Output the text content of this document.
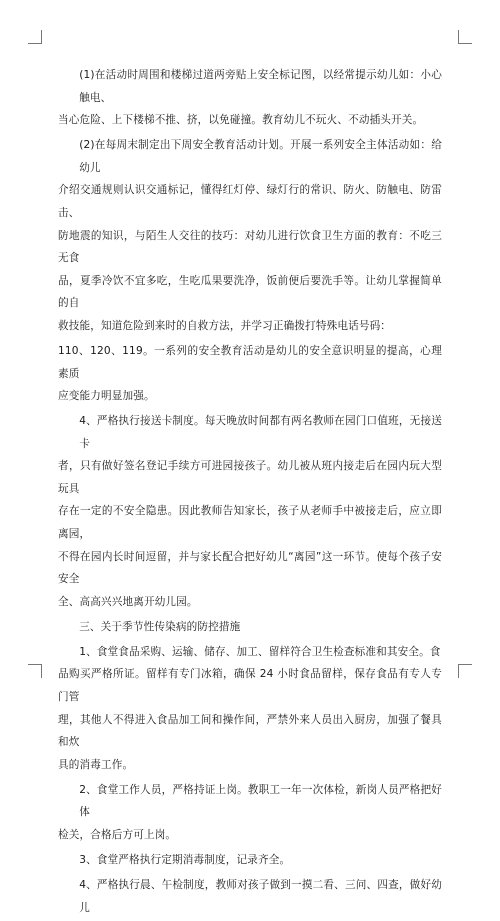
(1)在活动时周围和楼梯过道两旁贴上安全标记图，以经常提示幼儿如：小心触电、
当心危险、上下楼梯不推、挤，以免碰撞。教育幼儿不玩火、不动插头开关。

(2)在每周末制定出下周安全教育活动计划。开展一系列安全主体活动如：给幼儿
介绍交通规则认识交通标记，懂得红灯停、绿灯行的常识、防火、防触电、防雷击、
防地震的知识，与陌生人交往的技巧：对幼儿进行饮食卫生方面的教育：不吃三无食
品，夏季冷饮不宜多吃，生吃瓜果要洗净，饭前便后要洗手等。让幼儿掌握简单的自
救技能，知道危险到来时的自救方法，并学习正确拨打特殊电话号码：

110、120、119。一系列的安全教育活动是幼儿的安全意识明显的提高，心理素质
应变能力明显加强。

4、严格执行接送卡制度。每天晚放时间都有两名教师在园门口值班，无接送卡
者，只有做好签名登记手续方可进园接孩子。幼儿被从班内接走后在园内玩大型玩具
存在一定的不安全隐患。因此教师告知家长，孩子从老师手中被接走后，应立即离园，
不得在园内长时间逗留，并与家长配合把好幼儿“离园”这一环节。使每个孩子安安全
全、高高兴兴地离开幼儿园。

三、关于季节性传染病的防控措施

1、食堂食品采购、运输、储存、加工、留样符合卫生检查标准和其安全。食
品购买严格所证。留样有专门冰箱，确保 24 小时食品留样，保存食品有专人专门管
理，其他人不得进入食品加工间和操作间，严禁外来人员出入厨房，加强了餐具和炊
具的消毒工作。

2、食堂工作人员，严格持证上岗。教职工一年一次体检，新岗人员严格把好体
检关，合格后方可上岗。

3、食堂严格执行定期消毒制度，记录齐全。

4、严格执行晨、午检制度，教师对孩子做到一摸二看、三问、四查，做好幼儿
